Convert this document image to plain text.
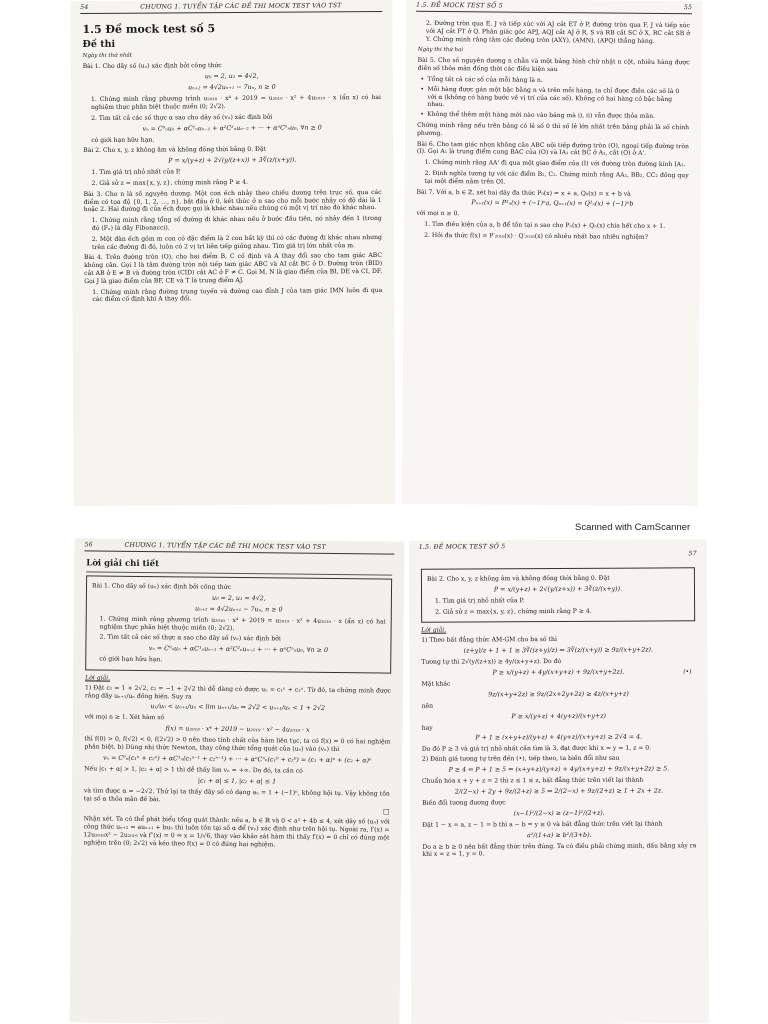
54	CHƯƠNG 1. TUYỂN TẬP CÁC ĐỀ THI MOCK TEST VÀO TST
1.5 Đề mock test số 5
Đề thi
Ngày thi thứ nhất
Bài 1. Cho dãy số (uₙ) xác định bởi công thức
u₀ = 2, u₁ = 4√2,
uₙ₊₂ = 4√2uₙ₊₁ − 7uₙ, n ≥ 0
1. Chứng minh rằng phương trình u₂₀₁₈ · x⁴ + 2019 = u₂₀₁₉ · x² + 4u₂₀₁₉ · x (ẩn x) có hai nghiệm thực phân biệt thuộc miền (0; 2√2).
2. Tìm tất cả các số thực α sao cho dãy số (vₙ) xác định bởi
vₙ = C⁰ₙuₙ + αC¹ₙuₙ₋₁ + α²C²ₙuₙ₋₂ + ··· + αⁿCⁿₙu₀, ∀n ≥ 0
có giới hạn hữu hạn.
Bài 2. Cho x, y, z không âm và không đồng thời bằng 0. Đặt
P = x/(y+z) + 2√(y/(z+x)) + 3∛(z/(x+y)).
1. Tìm giá trị nhỏ nhất của P.
2. Giả sử z = max{x, y, z}, chứng minh rằng P ≥ 4.
Bài 3. Cho n là số nguyên dương. Một con ếch nhảy theo chiều dương trên trục số, qua các điểm có tọa độ {0, 1, 2, …, n}, bắt đầu ở 0, kết thúc ở n sao cho mỗi bước nhảy có độ dài là 1 hoặc 2. Hai đường đi của ếch được gọi là khác nhau nếu chúng có một vị trí nào đó khác nhau.
1. Chứng minh rằng tổng số đường đi khác nhau nếu ở bước đầu tiên, nó nhảy đến 1 (trong đó (Fₙ) là dãy Fibonacci).
2. Một đàn ếch gồm m con có đặc điểm là 2 con bất kỳ thì có các đường đi khác nhau nhưng trên các đường đi đó, luôn có 2 vị trí liên tiếp giống nhau. Tìm giá trị lớn nhất của m.
Bài 4. Trên đường tròn (O), cho hai điểm B, C cố định và A thay đổi sao cho tam giác ABC không cân. Gọi I là tâm đường tròn nội tiếp tam giác ABC và AI cắt BC ở D. Đường tròn (BID) cắt AB ở E ≠ B và đường tròn (CID) cắt AC ở F ≠ C. Gọi M, N là giao điểm của BI, DE và CI, DF. Gọi J là giao điểm của BF, CE và T là trung điểm AJ.
1. Chứng minh rằng đường trung tuyến và đường cao đỉnh J của tam giác IMN luôn đi qua các điểm cố định khi A thay đổi.
1.5. ĐỀ MOCK TEST SỐ 5	55
2. Đường tròn qua E, J và tiếp xúc với AJ cắt ET ở P, đường tròn qua F, J và tiếp xúc với AJ cắt FT ở Q. Phân giác góc APJ, AQJ cắt AJ ở R, S và RB cắt SC ở X, RC cắt SB ở Y. Chứng minh rằng tâm các đường tròn (AXY), (AMN), (APQ) thẳng hàng.
Ngày thi thứ hai
Bài 5. Cho số nguyên dương n chẵn và một bảng hình chữ nhật n cột, nhiều hàng được điền số thỏa mãn đồng thời các điều kiện sau
• Tổng tất cả các số của mỗi hàng là n.
• Mỗi hàng được gán một bậc bằng n và trên mỗi hàng, ta chỉ được điền các số là 0 với α (không có hàng bước về vị trí của các số). Không có hai hàng có bậc bằng nhau.
• Không thể thêm một hàng mới nào vào bảng mà i), ii) vẫn được thỏa mãn.
Chứng minh rằng nếu trên bảng có lẻ số 0 thì số lẻ lớn nhất trên bảng phải là số chính phương.
Bài 6. Cho tam giác nhọn không cân ABC nội tiếp đường tròn (O), ngoại tiếp đường tròn (I). Gọi A₁ là trung điểm cung BAC của (O) và IA₁ cắt BC ở A₂, cắt (O) ở A'.
1. Chứng minh rằng AA' đi qua một giao điểm của (I) với đường tròn đường kính IA₂.
2. Định nghĩa tương tự với các điểm B₂, C₂. Chứng minh rằng AA₂, BB₂, CC₂ đồng quy tại một điểm nằm trên OI.
Bài 7. Với a, b ∈ ℤ, xét hai dãy đa thức P₀(x) = x + a, Q₀(x) = x + b và
Pₙ₊₁(x) = P²ₙ(x) + (−1)ⁿa, Qₙ₊₁(x) = Q²ₙ(x) + (−1)ⁿb
với mọi n ≥ 0.
1. Tìm điều kiện của a, b để tồn tại n sao cho Pₙ(x) + Qₙ(x) chia hết cho x + 1.
2. Hỏi đa thức f(x) = P′₂₀₁₈(x) · Q′₂₀₁₈(x) có nhiều nhất bao nhiêu nghiệm?
Scanned with CamScanner
56	CHƯƠNG 1. TUYỂN TẬP CÁC ĐỀ THI MOCK TEST VÀO TST
Lời giải chi tiết
Bài 1. Cho dãy số (uₙ) xác định bởi công thức
u₀ = 2, u₁ = 4√2,
uₙ₊₂ = 4√2uₙ₊₁ − 7uₙ, n ≥ 0
1. Chứng minh rằng phương trình u₂₀₁₈ · x⁴ + 2019 = u₂₀₁₉ · x² + 4u₂₀₁₉ · x (ẩn x) có hai nghiệm thực phân biệt thuộc miền (0; 2√2).
2. Tìm tất cả các số thực α sao cho dãy số (vₙ) xác định bởi
vₙ = C⁰ₙuₙ + αC¹ₙuₙ₋₁ + α²C²ₙuₙ₋₂ + ··· + αⁿCⁿₙu₀, ∀n ≥ 0
có giới hạn hữu hạn.
Lời giải.
1) Đặt c₁ = 1 + 2√2, c₂ = −1 + 2√2 thì dễ dàng có được uₙ = c₁ⁿ + c₂ⁿ. Từ đó, ta chứng minh được rằng dãy uₙ₊₁/uₙ đồng biến. Suy ra
u₁/u₀ < uₙ₊₁/uₙ < lim uₙ₊₁/uₙ ⇒ 2√2 < uₙ₊₁/uₙ < 1 + 2√2
với mọi n ≥ 1. Xét hàm số
f(x) = u₂₀₁₈ · x⁴ + 2019 − u₂₀₁₉ · x² − 4u₂₀₁₉ · x
thì f(0) > 0, f(√2) < 0, f(2√2) > 0 nên theo tính chất của hàm liên tục, ta có f(x) = 0 có hai nghiệm phân biệt. b) Dùng nhị thức Newton, thay công thức tổng quát của (uₙ) vào (vₙ) thì
vₙ = C⁰ₙ(c₁ⁿ + c₂ⁿ) + αC¹ₙ(c₁ⁿ⁻¹ + c₂ⁿ⁻¹) + ··· + αⁿCⁿₙ(c₁⁰ + c₂⁰) = (c₁ + α)ⁿ + (c₂ + α)ⁿ
Nếu |c₁ + α| > 1, |c₂ + α| > 1 thì dễ thấy lim vₙ = +∞. Do đó, ta cần có
|c₁ + α| ≤ 1, |c₂ + α| ≤ 1
và tìm được α = −2√2. Thử lại ta thấy dãy số có dạng aₙ = 1 + (−1)ⁿ, không hội tụ. Vậy không tồn tại số α thỏa mãn đề bài.
□
Nhận xét. Ta có thể phát biểu tổng quát thành: nếu a, b ∈ ℝ và 0 < a² + 4b ≤ 4, xét dãy số (uₙ) với công thức uₙ₊₂ = auₙ₊₁ + buₙ thì luôn tồn tại số α để (vₙ) xác định như trên hội tụ. Ngoài ra, f′(x) = 12u₂₀₁₈x² − 2u₂₀₁₉ và f″(x) = 0 ⇔ x = 1/√6, thay vào khảo sát hàm thì thấy f′(x) = 0 chỉ có đúng một nghiệm trên (0; 2√2) và kéo theo f(x) = 0 có đúng hai nghiệm.
1.5. ĐỀ MOCK TEST SỐ 5
57
Bài 2. Cho x, y, z không âm và không đồng thời bằng 0. Đặt
P = x/(y+z) + 2√(y/(z+x)) + 3∛(z/(x+y)).
1. Tìm giá trị nhỏ nhất của P.
2. Giả sử z = max{x, y, z}, chứng minh rằng P ≥ 4.
Lời giải.
1) Theo bất đẳng thức AM-GM cho ba số thì
(z+y)/z + 1 + 1 ≥ 3∛((z+y)/z) ⇒ 3∛(z/(x+y)) ≥ 9z/(x+y+2z).
Tương tự thì 2√(y/(z+x)) ≥ 4y/(x+y+z). Do đó
P ≥ x/(y+z) + 4y/(x+y+z) + 9z/(x+y+2z).	(•)
Mặt khác
9z/(x+y+2z) ≥ 9z/(2x+2y+2z) ≥ 4z/(x+y+z)
nên
P ≥ x/(y+z) + 4(y+z)/(x+y+z)
hay
P + 1 ≥ (x+y+z)/(y+z) + 4(y+z)/(x+y+z) ≥ 2√4 = 4.
Do đó P ≥ 3 và giá trị nhỏ nhất cần tìm là 3, đạt được khi x = y = 1, z = 0.
2) Đánh giá tương tự trên đến (•), tiếp theo, ta biến đổi như sau
P ≥ 4 ⇐ P + 1 ≥ 5 ⇔ (x+y+z)/(y+z) + 4y/(x+y+z) + 9z/(x+y+2z) ≥ 5.
Chuẩn hóa x + y + z = 2 thì z ≤ 1 ≤ z, bất đẳng thức trên viết lại thành
2/(2−x) + 2y + 9z/(2+z) ≥ 5 ⇔ 2/(2−x) + 9z/(2+z) ≥ 1 + 2x + 2z.
Biến đổi tương đương được
(x−1)²/(2−x) ≥ (z−1)²/(2+z).
Đặt 1 − x = a, z − 1 = b thì a − b = y ≥ 0 và bất đẳng thức trên viết lại thành
a²/(1+a) ≥ b²/(3+b).
Do a ≥ b ≥ 0 nên bất đẳng thức trên đúng. Ta có điều phải chứng minh, dấu bằng xảy ra khi x = z = 1, y = 0.
